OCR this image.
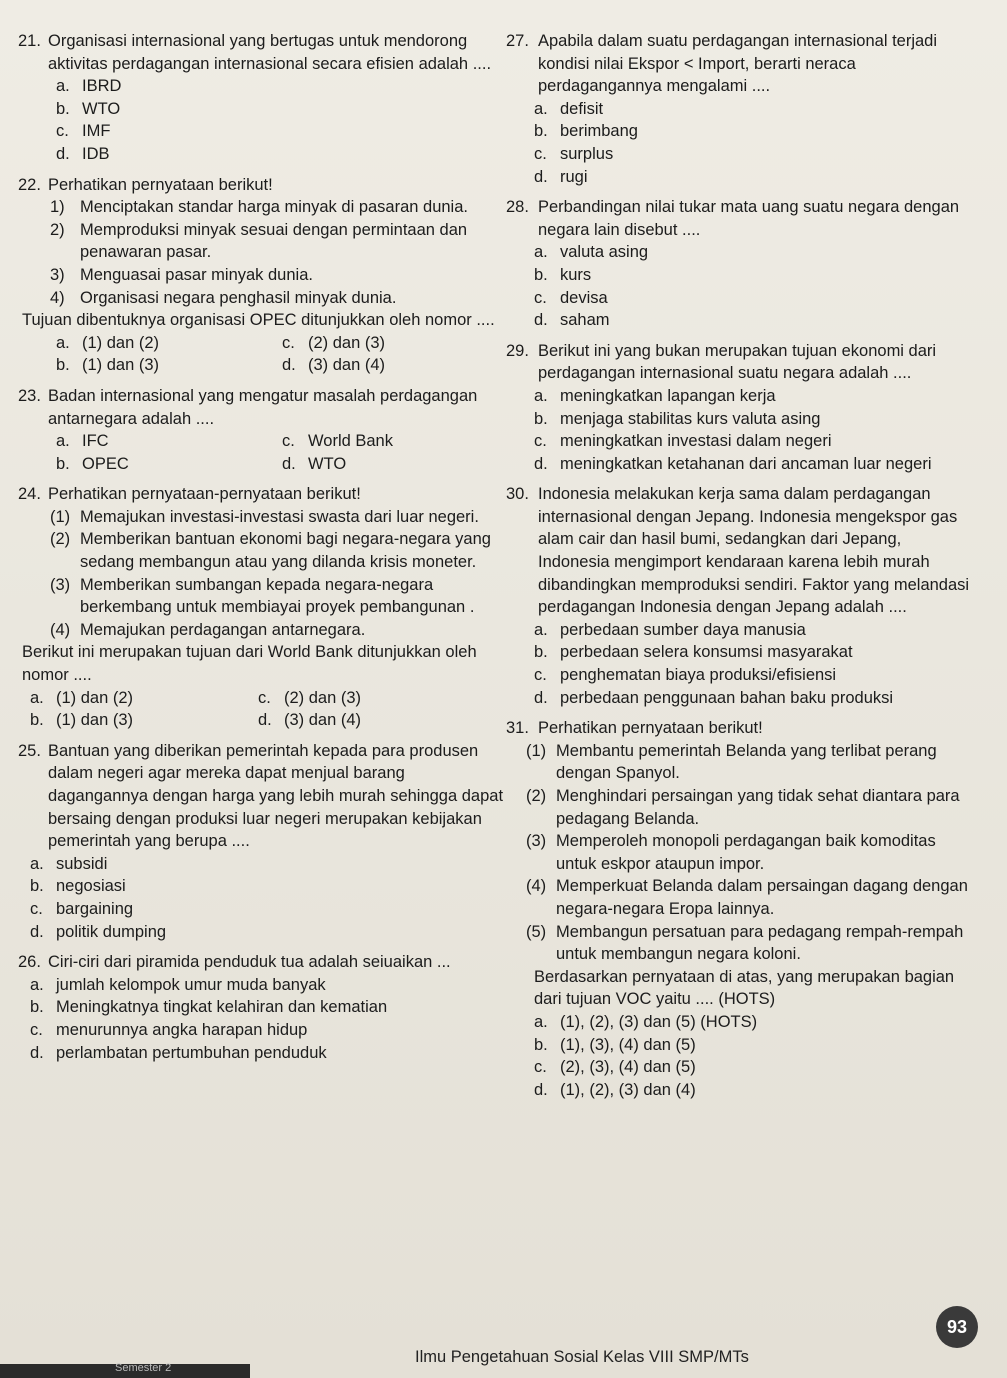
21. Organisasi internasional yang bertugas untuk mendorong aktivitas perdagangan internasional secara efisien adalah ....
a. IBRD
b. WTO
c. IMF
d. IDB
22. Perhatikan pernyataan berikut!
1) Menciptakan standar harga minyak di pasaran dunia.
2) Memproduksi minyak sesuai dengan permintaan dan penawaran pasar.
3) Menguasai pasar minyak dunia.
4) Organisasi negara penghasil minyak dunia.
Tujuan dibentuknya organisasi OPEC ditunjukkan oleh nomor ....
a. (1) dan (2)	c. (2) dan (3)
b. (1) dan (3)	d. (3) dan (4)
23. Badan internasional yang mengatur masalah perdagangan antarnegara adalah ....
a. IFC	c. World Bank
b. OPEC	d. WTO
24. Perhatikan pernyataan-pernyataan berikut!
(1) Memajukan investasi-investasi swasta dari luar negeri.
(2) Memberikan bantuan ekonomi bagi negara-negara yang sedang membangun atau yang dilanda krisis moneter.
(3) Memberikan sumbangan kepada negara-negara berkembang untuk membiayai proyek pembangunan .
(4) Memajukan perdagangan antarnegara.
Berikut ini merupakan tujuan dari World Bank ditunjukkan oleh nomor ....
a. (1) dan (2)	c. (2) dan (3)
b. (1) dan (3)	d. (3) dan (4)
25. Bantuan yang diberikan pemerintah kepada para produsen dalam negeri agar mereka dapat menjual barang dagangannya dengan harga yang lebih murah sehingga dapat bersaing dengan produksi luar negeri merupakan kebijakan pemerintah yang berupa ....
a. subsidi
b. negosiasi
c. bargaining
d. politik dumping
26. Ciri-ciri dari piramida penduduk tua adalah seiuaikan ...
a. jumlah kelompok umur muda banyak
b. Meningkatnya tingkat kelahiran dan kematian
c. menurunnya angka harapan hidup
d. perlambatan pertumbuhan penduduk
27. Apabila dalam suatu perdagangan internasional terjadi kondisi nilai Ekspor < Import, berarti neraca perdagangannya mengalami ....
a. defisit
b. berimbang
c. surplus
d. rugi
28. Perbandingan nilai tukar mata uang suatu negara dengan negara lain disebut ....
a. valuta asing
b. kurs
c. devisa
d. saham
29. Berikut ini yang bukan merupakan tujuan ekonomi dari perdagangan internasional suatu negara adalah ....
a. meningkatkan lapangan kerja
b. menjaga stabilitas kurs valuta asing
c. meningkatkan investasi dalam negeri
d. meningkatkan ketahanan dari ancaman luar negeri
30. Indonesia melakukan kerja sama dalam perdagangan internasional dengan Jepang. Indonesia mengekspor gas alam cair dan hasil bumi, sedangkan dari Jepang, Indonesia mengimport kendaraan karena lebih murah dibandingkan memproduksi sendiri. Faktor yang melandasi perdagangan Indonesia dengan Jepang adalah ....
a. perbedaan sumber daya manusia
b. perbedaan selera konsumsi masyarakat
c. penghematan biaya produksi/efisiensi
d. perbedaan penggunaan bahan baku produksi
31. Perhatikan pernyataan berikut!
(1) Membantu pemerintah Belanda yang terlibat perang dengan Spanyol.
(2) Menghindari persaingan yang tidak sehat diantara para pedagang Belanda.
(3) Memperoleh monopoli perdagangan baik komoditas untuk eskpor ataupun impor.
(4) Memperkuat Belanda dalam persaingan dagang dengan negara-negara Eropa lainnya.
(5) Membangun persatuan para pedagang rempah-rempah untuk membangun negara koloni.
Berdasarkan pernyataan di atas, yang merupakan bagian dari tujuan VOC yaitu .... (HOTS)
a. (1), (2), (3) dan (5) (HOTS)
b. (1), (3), (4) dan (5)
c. (2), (3), (4) dan (5)
d. (1), (2), (3) dan (4)
Ilmu Pengetahuan Sosial Kelas VIII SMP/MTs
93
Semester 2
